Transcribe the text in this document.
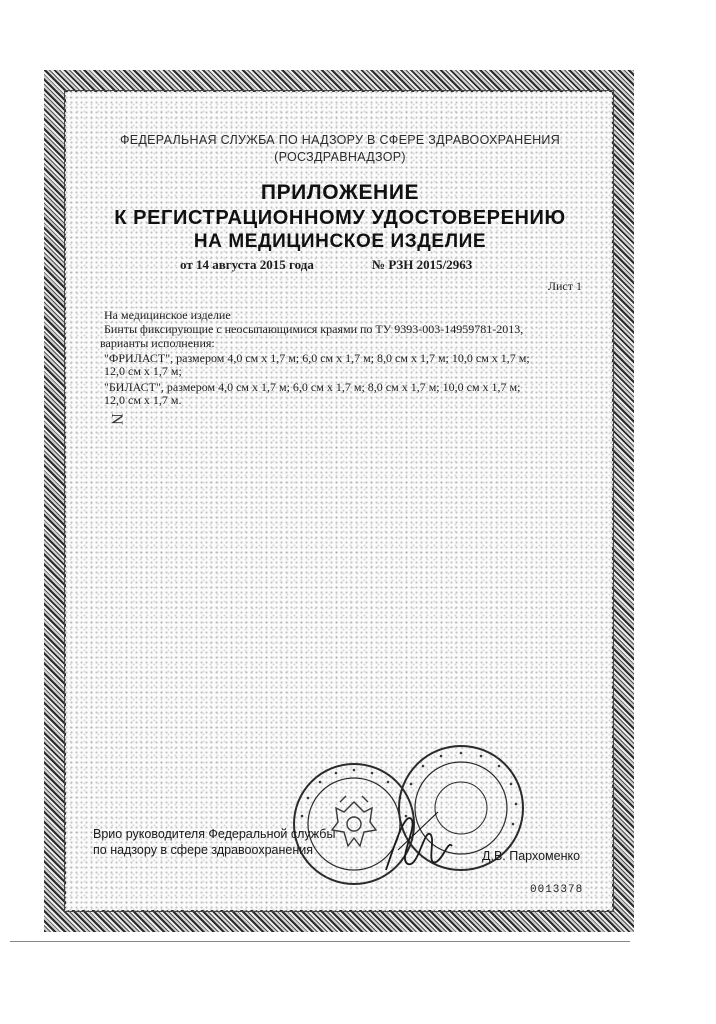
ФЕДЕРАЛЬНАЯ СЛУЖБА ПО НАДЗОРУ В СФЕРЕ ЗДРАВООХРАНЕНИЯ
(РОСЗДРАВНАДЗОР)
ПРИЛОЖЕНИЕ
К РЕГИСТРАЦИОННОМУ УДОСТОВЕРЕНИЮ
НА МЕДИЦИНСКОЕ ИЗДЕЛИЕ
от 14 августа 2015 года	№ РЗН 2015/2963
Лист 1
На медицинское изделие
Бинты фиксирующие с неосыпающимися краями по ТУ 9393-003-14959781-2013,
варианты исполнения:
"ФРИЛАСТ", размером 4,0 см х 1,7 м; 6,0 см х 1,7 м; 8,0 см х 1,7 м; 10,0 см х 1,7 м;
12,0 см х 1,7 м;
"БИЛАСТ", размером 4,0 см х 1,7 м; 6,0 см х 1,7 м; 8,0 см х 1,7 м; 10,0 см х 1,7 м;
12,0 см х 1,7 м.
N
Врио руководителя Федеральной службы
по надзору в сфере здравоохранения	Д.В. Пархоменко
0013378
